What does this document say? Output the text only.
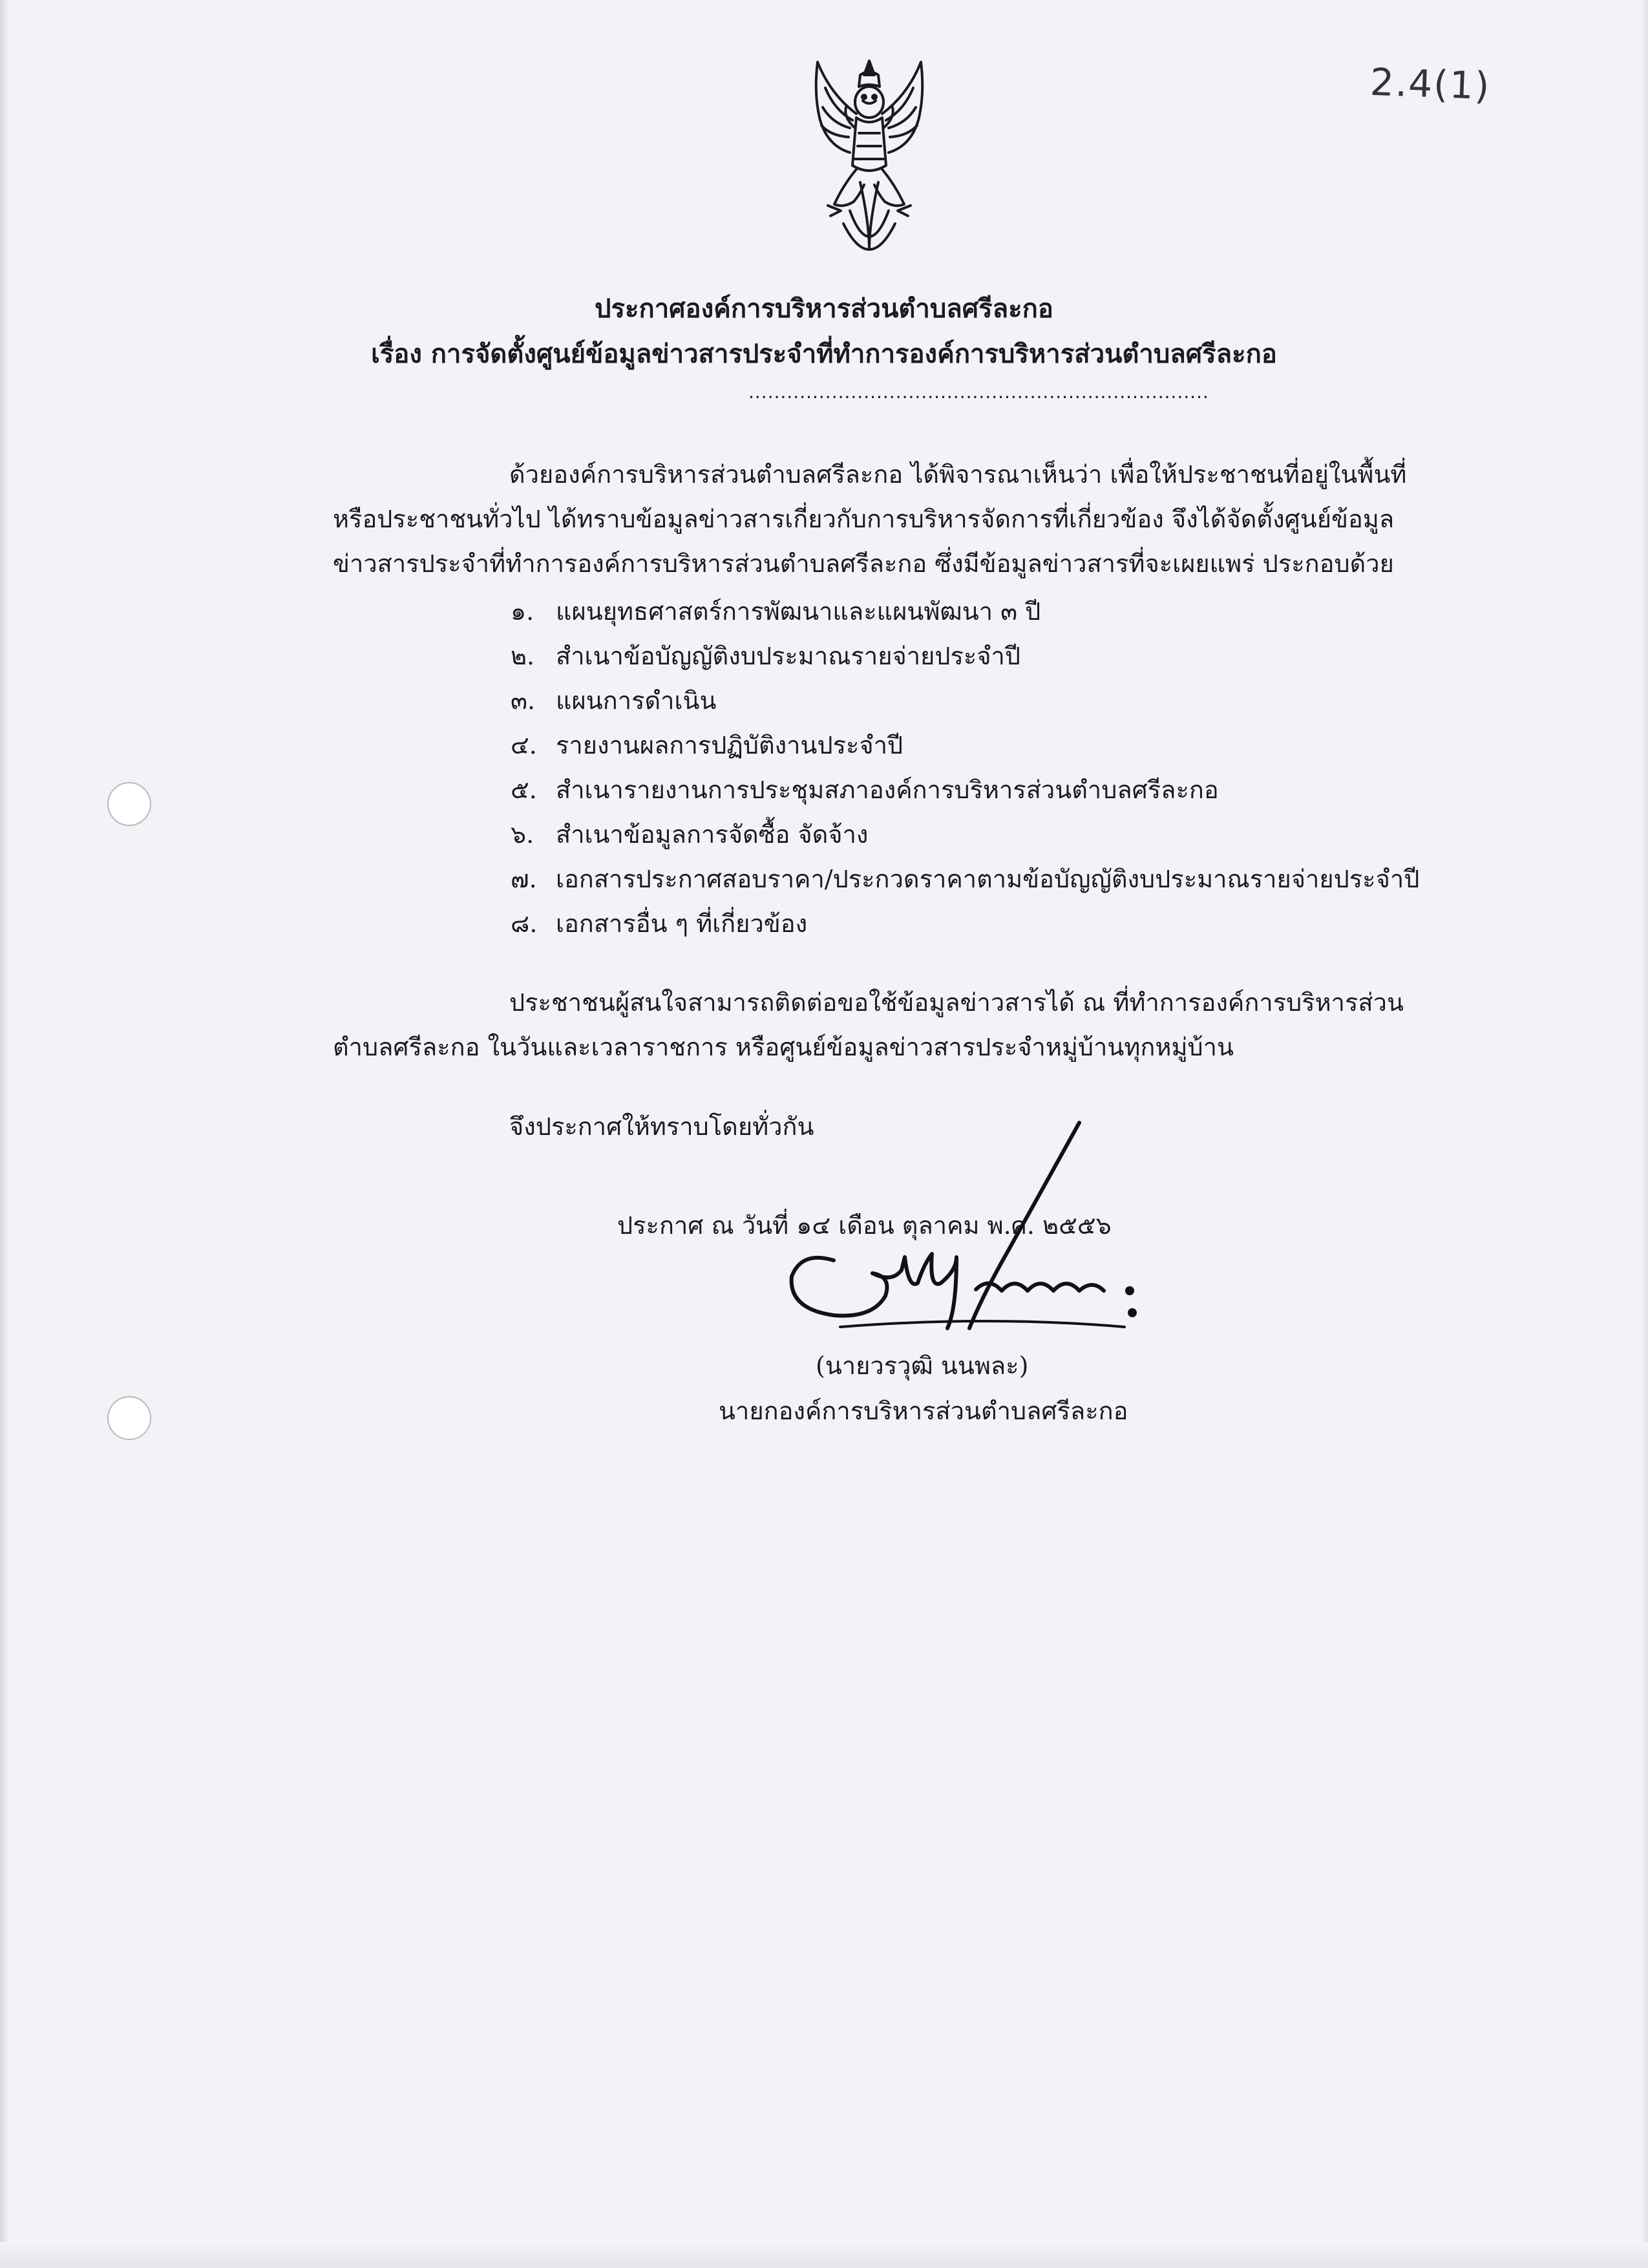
2.4(1)
ประกาศองค์การบริหารส่วนตำบลศรีละกอ
เรื่อง การจัดตั้งศูนย์ข้อมูลข่าวสารประจำที่ทำการองค์การบริหารส่วนตำบลศรีละกอ
........................................................................
ด้วยองค์การบริหารส่วนตำบลศรีละกอ ได้พิจารณาเห็นว่า เพื่อให้ประชาชนที่อยู่ในพื้นที่
หรือประชาชนทั่วไป ได้ทราบข้อมูลข่าวสารเกี่ยวกับการบริหารจัดการที่เกี่ยวข้อง จึงได้จัดตั้งศูนย์ข้อมูล
ข่าวสารประจำที่ทำการองค์การบริหารส่วนตำบลศรีละกอ ซึ่งมีข้อมูลข่าวสารที่จะเผยแพร่ ประกอบด้วย
๑. แผนยุทธศาสตร์การพัฒนาและแผนพัฒนา ๓ ปี
๒. สำเนาข้อบัญญัติงบประมาณรายจ่ายประจำปี
๓. แผนการดำเนิน
๔. รายงานผลการปฏิบัติงานประจำปี
๕. สำเนารายงานการประชุมสภาองค์การบริหารส่วนตำบลศรีละกอ
๖. สำเนาข้อมูลการจัดซื้อ จัดจ้าง
๗. เอกสารประกาศสอบราคา/ประกวดราคาตามข้อบัญญัติงบประมาณรายจ่ายประจำปี
๘. เอกสารอื่น ๆ ที่เกี่ยวข้อง
ประชาชนผู้สนใจสามารถติดต่อขอใช้ข้อมูลข่าวสารได้ ณ ที่ทำการองค์การบริหารส่วน
ตำบลศรีละกอ ในวันและเวลาราชการ หรือศูนย์ข้อมูลข่าวสารประจำหมู่บ้านทุกหมู่บ้าน
จึงประกาศให้ทราบโดยทั่วกัน
ประกาศ ณ วันที่ ๑๔ เดือน ตุลาคม พ.ศ. ๒๕๕๖
(นายวรวุฒิ นนพละ)
นายกองค์การบริหารส่วนตำบลศรีละกอ
